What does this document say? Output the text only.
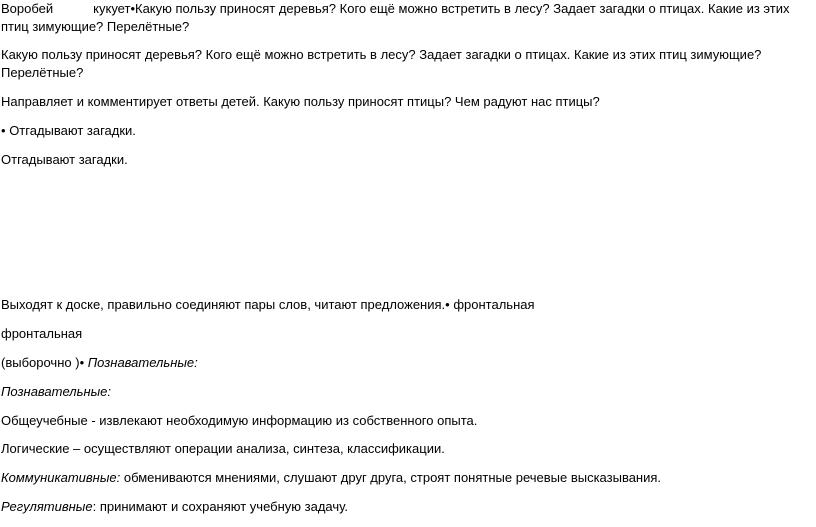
Воробей	кукует•Какую пользу приносят деревья? Кого ещё можно встретить в лесу? Задает загадки о птицах. Какие из этих
птиц зимующие? Перелётные?
Какую пользу приносят деревья? Кого ещё можно встретить в лесу? Задает загадки о птицах. Какие из этих птиц зимующие?
Перелётные?
Направляет и комментирует ответы детей. Какую пользу приносят птицы? Чем радуют нас птицы?
• Отгадывают загадки.
Отгадывают загадки.
Выходят к доске, правильно соединяют пары слов, читают предложения.• фронтальная
фронтальная
(выборочно )• Познавательные:
Познавательные:
Общеучебные - извлекают необходимую информацию из собственного опыта.
Логические – осуществляют операции анализа, синтеза, классификации.
Коммуникативные: обмениваются мнениями, слушают друг друга, строят понятные речевые высказывания.
Регулятивные: принимают и сохраняют учебную задачу.
